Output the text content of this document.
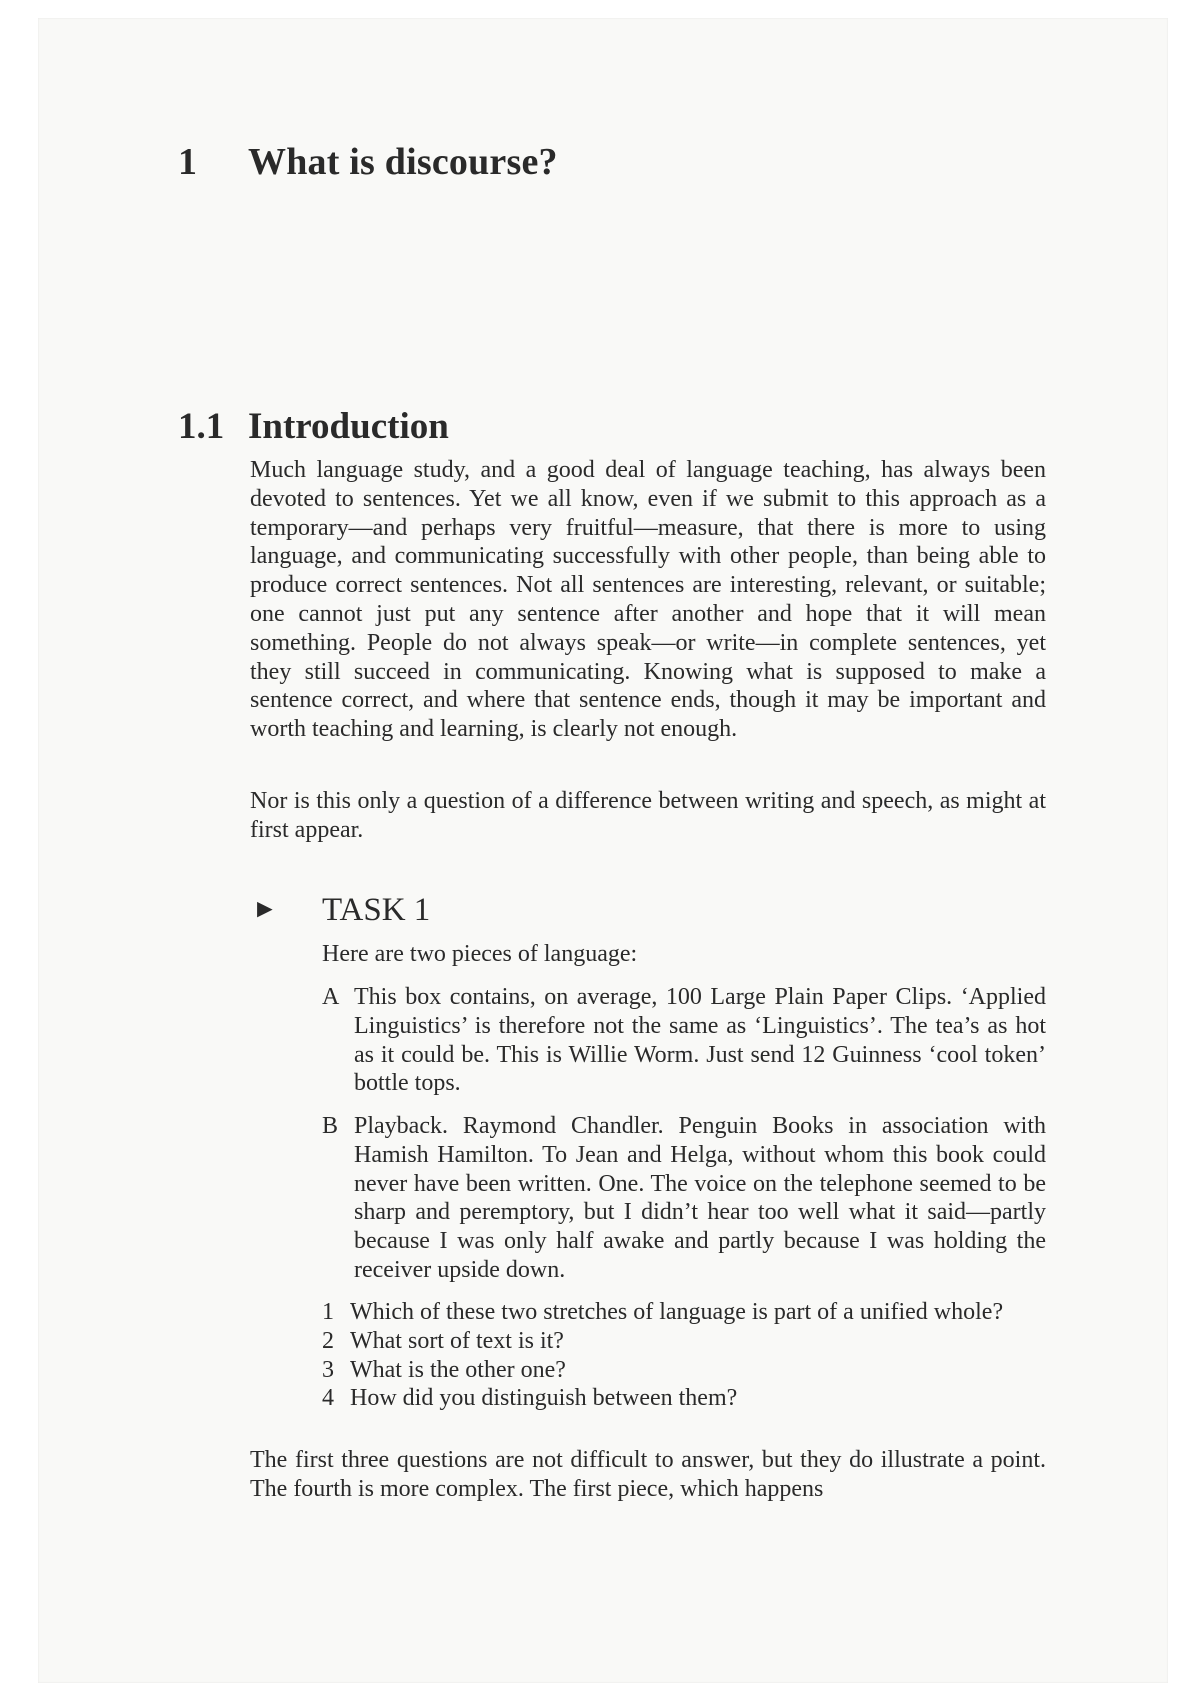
1 What is discourse?
1.1 Introduction

Much language study, and a good deal of language teaching, has always been devoted to sentences. Yet we all know, even if we submit to this approach as a temporary—and perhaps very fruitful—measure, that there is more to using language, and communicating successfully with other people, than being able to produce correct sentences. Not all sentences are interesting, relevant, or suitable; one cannot just put any sentence after another and hope that it will mean something. People do not always speak—or write—in complete sentences, yet they still succeed in communicating. Knowing what is supposed to make a sentence correct, and where that sentence ends, though it may be important and worth teaching and learning, is clearly not enough.

Nor is this only a question of a difference between writing and speech, as might at first appear.

► TASK 1

Here are two pieces of language:

A This box contains, on average, 100 Large Plain Paper Clips. ‘Applied Linguistics’ is therefore not the same as ‘Linguistics’. The tea’s as hot as it could be. This is Willie Worm. Just send 12 Guinness ‘cool token’ bottle tops.
B Playback. Raymond Chandler. Penguin Books in association with Hamish Hamilton. To Jean and Helga, without whom this book could never have been written. One. The voice on the telephone seemed to be sharp and peremptory, but I didn’t hear too well what it said—partly because I was only half awake and partly because I was holding the receiver upside down.
1 Which of these two stretches of language is part of a unified whole?
2 What sort of text is it?
3 What is the other one?
4 How did you distinguish between them?

The first three questions are not difficult to answer, but they do illustrate a point. The fourth is more complex. The first piece, which happens
